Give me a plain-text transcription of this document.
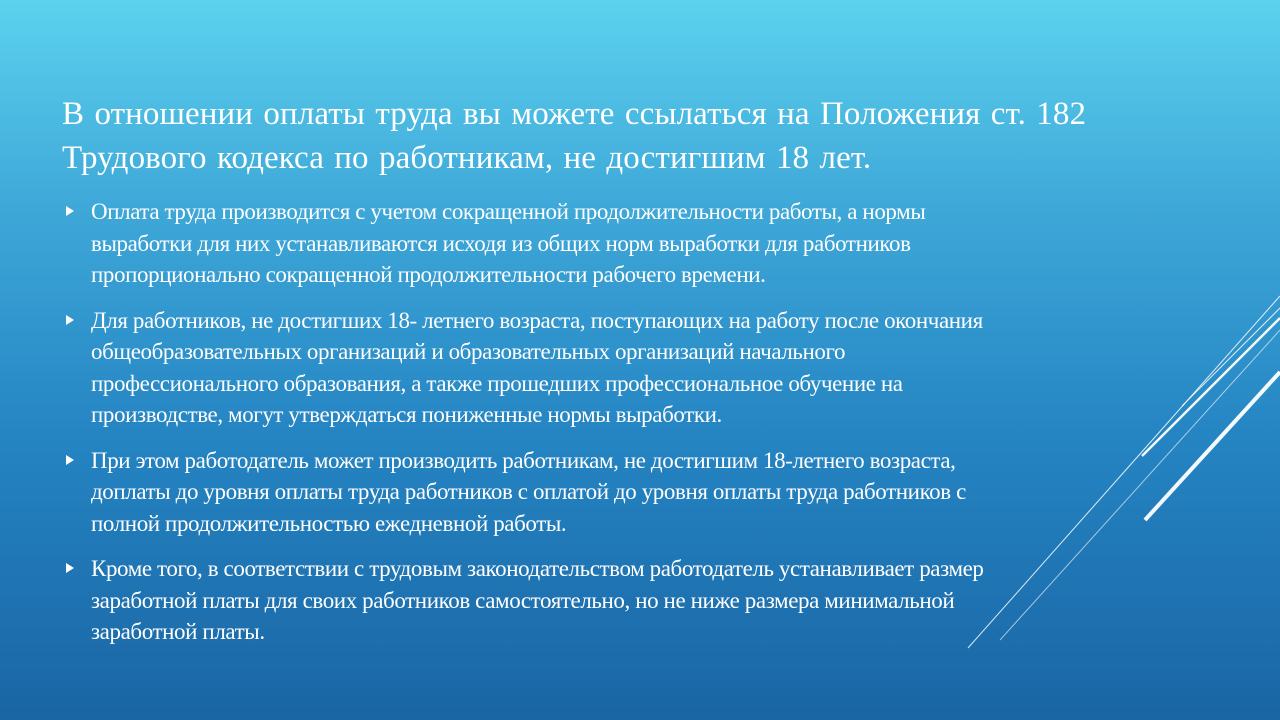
В отношении оплаты труда вы можете ссылаться на Положения ст. 182
Трудового кодекса по работникам, не достигшим 18 лет.
Оплата труда производится с учетом сокращенной продолжительности работы, а нормы
выработки для них устанавливаются исходя из общих норм выработки для работников
пропорционально сокращенной продолжительности рабочего времени.
Для работников, не достигших 18- летнего возраста, поступающих на работу после окончания
общеобразовательных организаций и образовательных организаций начального
профессионального образования, а также прошедших профессиональное обучение на
производстве, могут утверждаться пониженные нормы выработки.
При этом работодатель может производить работникам, не достигшим 18-летнего возраста,
доплаты до уровня оплаты труда работников с оплатой до уровня оплаты труда работников с
полной продолжительностью ежедневной работы.
Кроме того, в соответствии с трудовым законодательством работодатель устанавливает размер
заработной платы для своих работников самостоятельно, но не ниже размера минимальной
заработной платы.
